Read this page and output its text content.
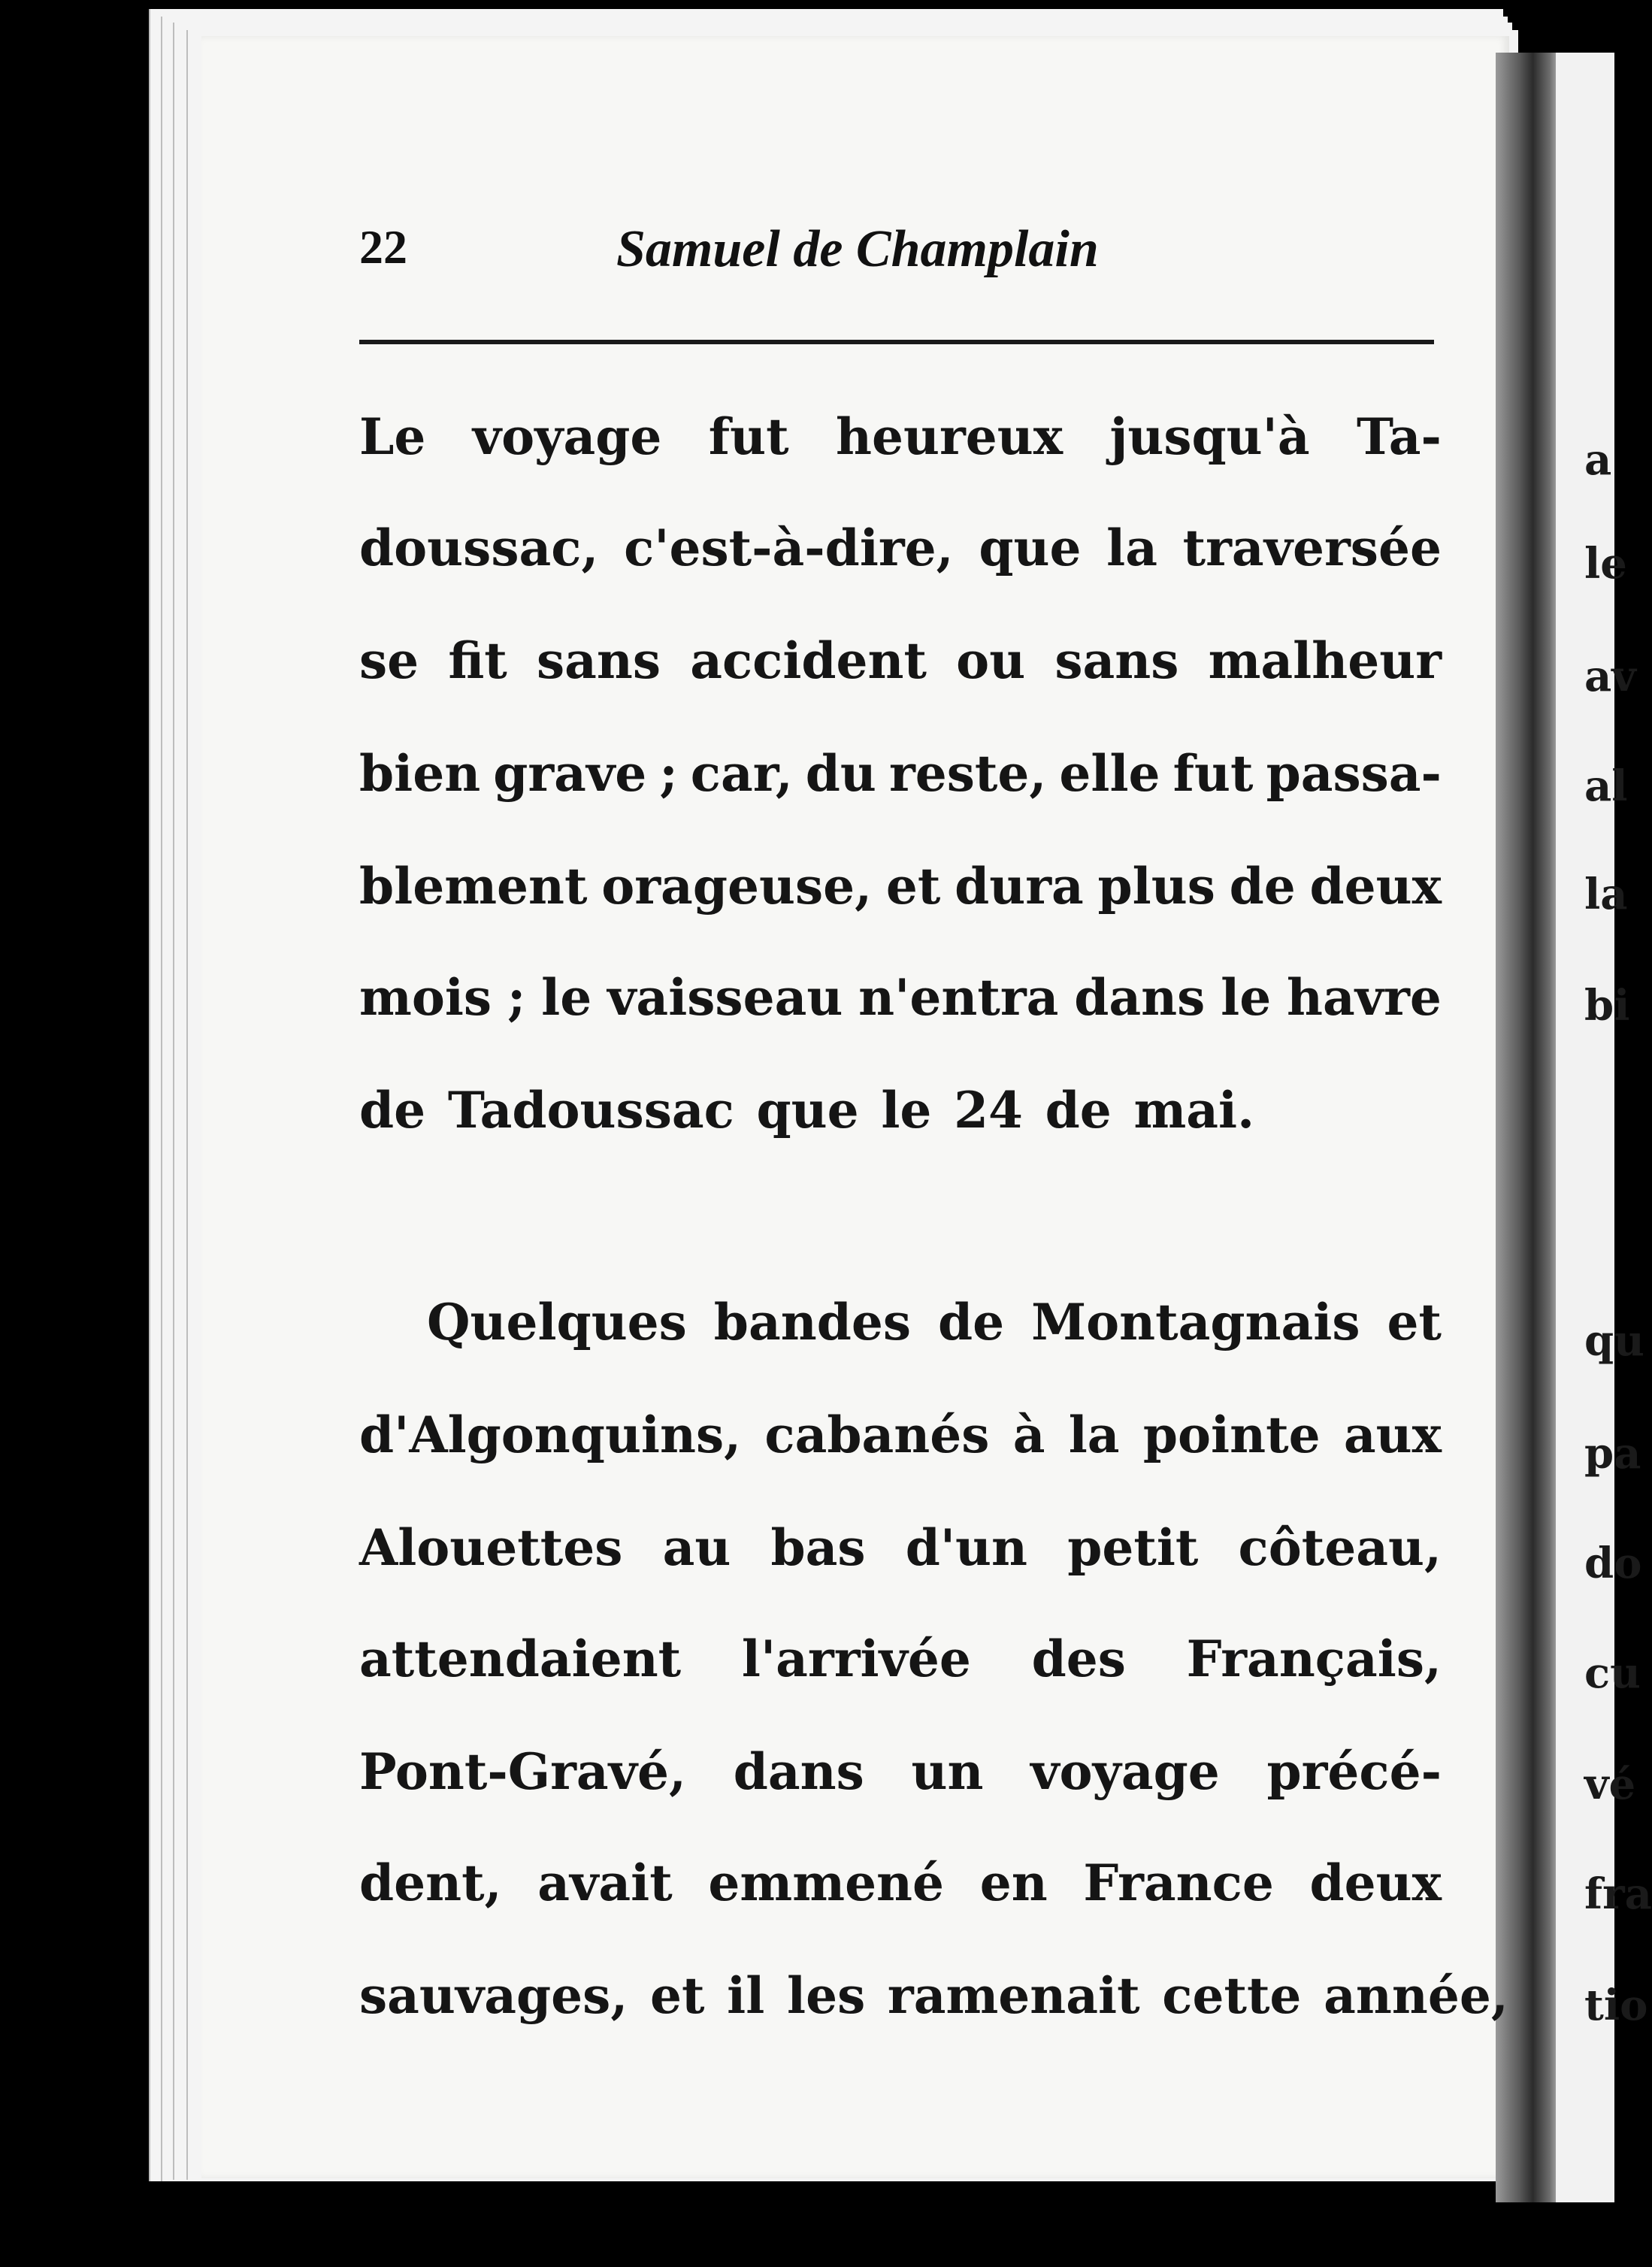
22	Samuel de Champlain

Le voyage fut heureux jusqu'à Ta-

doussac, c'est-à-dire, que la traversée

se fit sans accident ou sans malheur

bien grave ; car, du reste, elle fut passa-

blement orageuse, et dura plus de deux

mois ; le vaisseau n'entra dans le havre

de Tadoussac que le 24 de mai.

Quelques bandes de Montagnais et

d'Algonquins, cabanés à la pointe aux

Alouettes au bas d'un petit côteau,

attendaient l'arrivée des Français,

Pont-Gravé, dans un voyage précé-

dent, avait emmené en France deux

sauvages, et il les ramenait cette année,

a

le

av

al

la

bi

qu

pa

do

cu

vé

fra

tio
